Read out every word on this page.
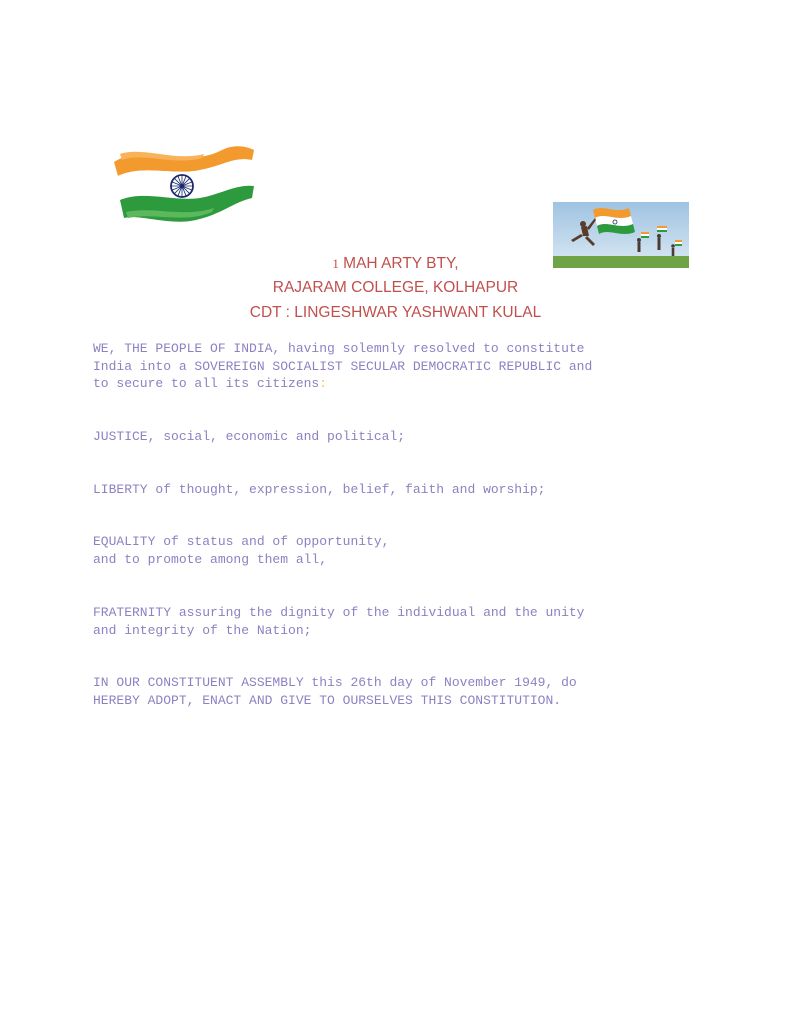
1 MAH ARTY BTY,
RAJARAM COLLEGE, KOLHAPUR
CDT : LINGESHWAR YASHWANT KULAL
WE, THE PEOPLE OF INDIA, having solemnly resolved to constitute
India into a SOVEREIGN SOCIALIST SECULAR DEMOCRATIC REPUBLIC and
to secure to all its citizens:
JUSTICE, social, economic and political;
LIBERTY of thought, expression, belief, faith and worship;
EQUALITY of status and of opportunity,
and to promote among them all,
FRATERNITY assuring the dignity of the individual and the unity
and integrity of the Nation;
IN OUR CONSTITUENT ASSEMBLY this 26th day of November 1949, do
HEREBY ADOPT, ENACT AND GIVE TO OURSELVES THIS CONSTITUTION.
